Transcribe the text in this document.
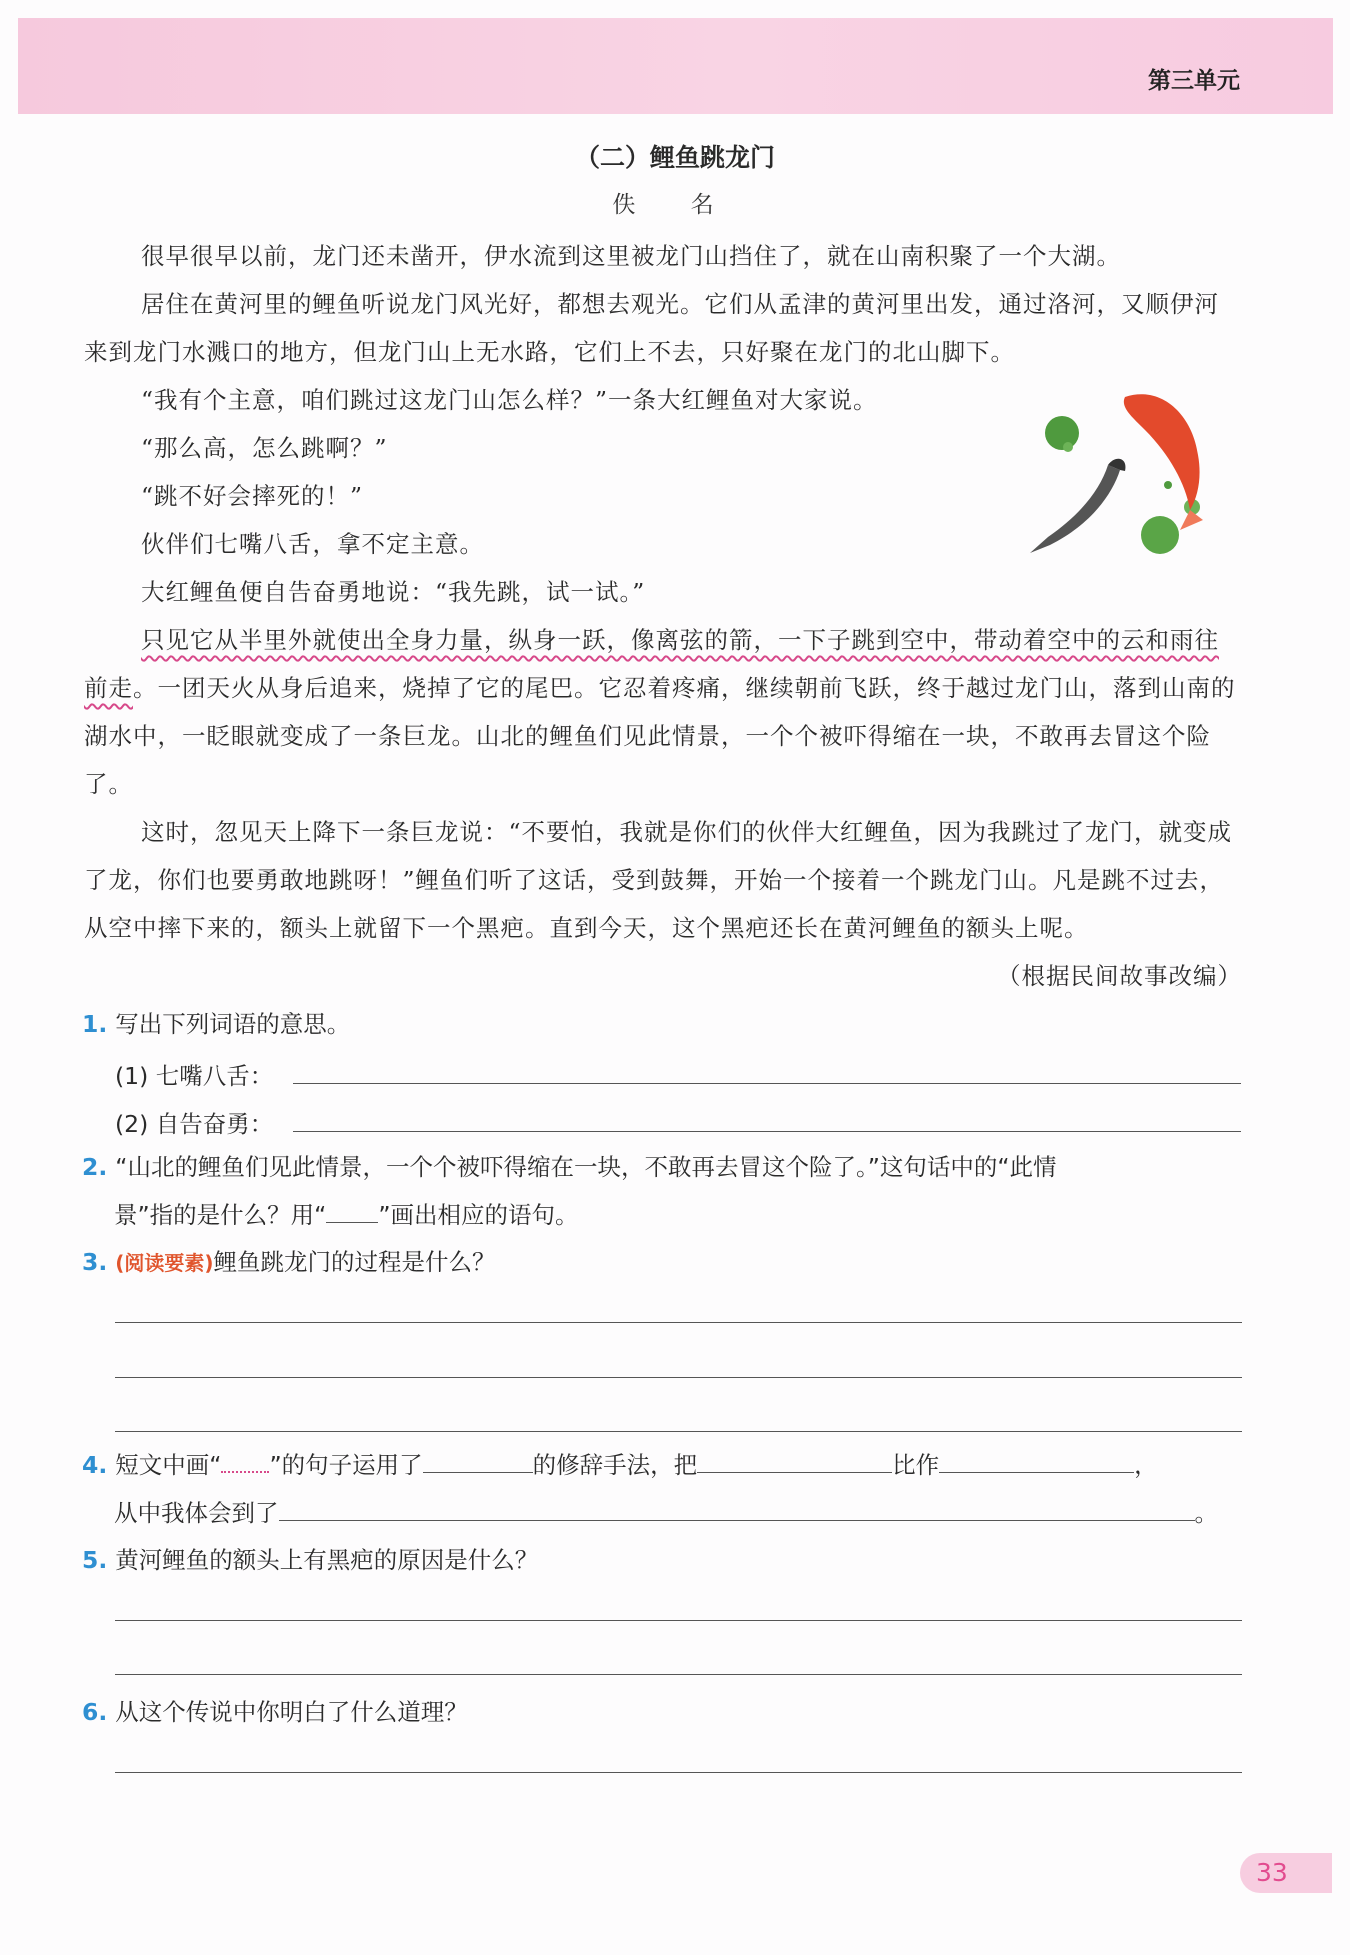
第三单元
（二）鲤鱼跳龙门
佚 名

很早很早以前，龙门还未凿开，伊水流到这里被龙门山挡住了，就在山南积聚了一个大湖。

居住在黄河里的鲤鱼听说龙门风光好，都想去观光。它们从孟津的黄河里出发，通过洛河，又顺伊河来到龙门水溅口的地方，但龙门山上无水路，它们上不去，只好聚在龙门的北山脚下。

“我有个主意，咱们跳过这龙门山怎么样？”一条大红鲤鱼对大家说。

“那么高，怎么跳啊？”

“跳不好会摔死的！”

伙伴们七嘴八舌，拿不定主意。

大红鲤鱼便自告奋勇地说：“我先跳，试一试。”

只见它从半里外就使出全身力量，纵身一跃，像离弦的箭，一下子跳到空中，带动着空中的云和雨往前走。一团天火从身后追来，烧掉了它的尾巴。它忍着疼痛，继续朝前飞跃，终于越过龙门山，落到山南的湖水中，一眨眼就变成了一条巨龙。山北的鲤鱼们见此情景，一个个被吓得缩在一块，不敢再去冒这个险了。

这时，忽见天上降下一条巨龙说：“不要怕，我就是你们的伙伴大红鲤鱼，因为我跳过了龙门，就变成了龙，你们也要勇敢地跳呀！”鲤鱼们听了这话，受到鼓舞，开始一个接着一个跳龙门山。凡是跳不过去，从空中摔下来的，额头上就留下一个黑疤。直到今天，这个黑疤还长在黄河鲤鱼的额头上呢。

（根据民间故事改编）
1. 写出下列词语的意思。
(1) 七嘴八舌：
(2) 自告奋勇：
2. “山北的鲤鱼们见此情景，一个个被吓得缩在一块，不敢再去冒这个险了。”这句话中的“此情
景”指的是什么？用“ ”画出相应的语句。
3. (阅读要素)鲤鱼跳龙门的过程是什么？
4. 短文中画“ ”的句子运用了	的修辞手法，把	比作	，
从中我体会到了	。
5. 黄河鲤鱼的额头上有黑疤的原因是什么？
6. 从这个传说中你明白了什么道理？
33
